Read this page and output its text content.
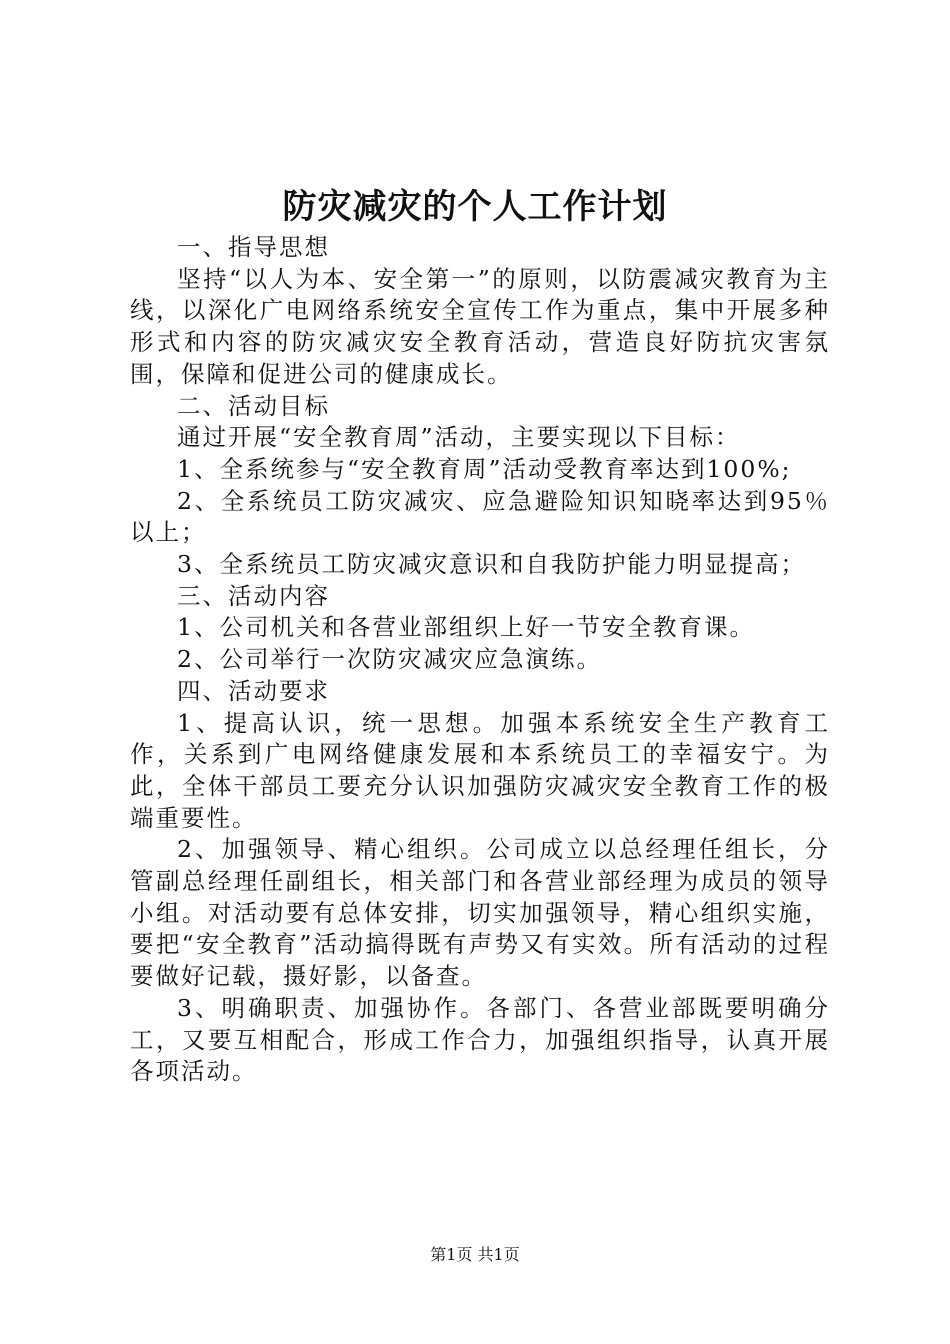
防灾减灾的个人工作计划

一、指导思想

坚持“以人为本、安全第一”的原则，以防震减灾教育为主线，以深化广电网络系统安全宣传工作为重点，集中开展多种形式和内容的防灾减灾安全教育活动，营造良好防抗灾害氛围，保障和促进公司的健康成长。

二、活动目标

通过开展“安全教育周”活动，主要实现以下目标：

1、全系统参与“安全教育周”活动受教育率达到100%;

2、全系统员工防灾减灾、应急避险知识知晓率达到95％以上；

3、全系统员工防灾减灾意识和自我防护能力明显提高；

三、活动内容

1、公司机关和各营业部组织上好一节安全教育课。

2、公司举行一次防灾减灾应急演练。

四、活动要求

1、提高认识，统一思想。加强本系统安全生产教育工作，关系到广电网络健康发展和本系统员工的幸福安宁。为此，全体干部员工要充分认识加强防灾减灾安全教育工作的极端重要性。

2、加强领导、精心组织。公司成立以总经理任组长，分管副总经理任副组长，相关部门和各营业部经理为成员的领导小组。对活动要有总体安排，切实加强领导，精心组织实施，要把“安全教育”活动搞得既有声势又有实效。所有活动的过程要做好记载，摄好影，以备查。

3、明确职责、加强协作。各部门、各营业部既要明确分工，又要互相配合，形成工作合力，加强组织指导，认真开展各项活动。

第1页 共1页
